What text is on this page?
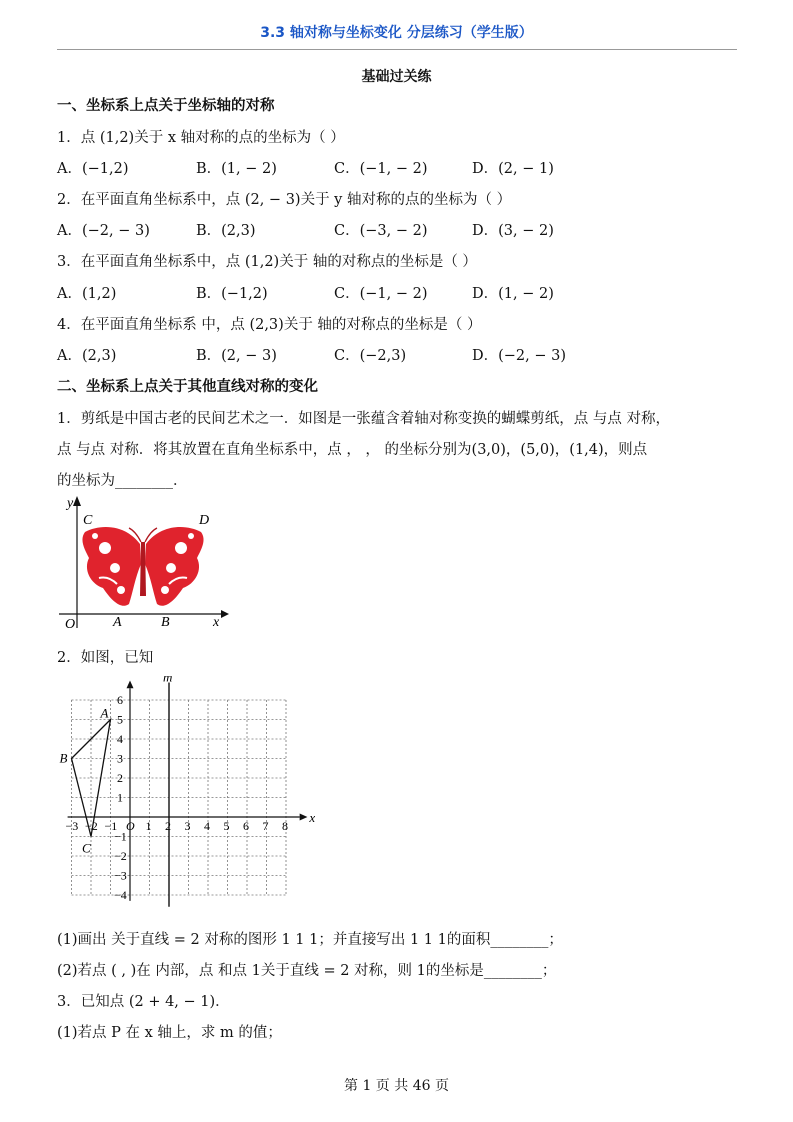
3.3 轴对称与坐标变化 分层练习（学生版）
基础过关练
一、坐标系上点关于坐标轴的对称
1．点 (1,2)关于 x 轴对称的点的坐标为（ ）
A．(−1,2)	B．(1, − 2)	C．(−1, − 2)	D．(2, − 1)
2．在平面直角坐标系中，点 (2, − 3)关于 y 轴对称的点的坐标为（ ）
A．(−2, − 3)	B．(2,3)	C．(−3, − 2)	D．(3, − 2)
3．在平面直角坐标系中，点 (1,2)关于 轴的对称点的坐标是（ ）
A．(1,2)	B．(−1,2)	C．(−1, − 2)	D．(1, − 2)
4．在平面直角坐标系 中，点 (2,3)关于 轴的对称点的坐标是（ ）
A．(2,3)	B．(2, − 3)	C．(−2,3)	D．(−2, − 3)
二、坐标系上点关于其他直线对称的变化
1．剪纸是中国古老的民间艺术之一．如图是一张蕴含着轴对称变换的蝴蝶剪纸，点 与点 对称，
点 与点 对称．将其放置在直角坐标系中，点 ， ， 的坐标分别为(3,0)，(5,0)，(1,4)，则点
的坐标为________．
y
x
O	A	B
C	D
2．如图，已知
−3 −2 −1 O 1 2 3 4 5 6 7 8
6
5
4
3
2
1
−1
−2
−3
−4
A
B
C
m
x
(1)画出 关于直线 = 2 对称的图形 1 1 1；并直接写出 1 1 1的面积________；
(2)若点 ( , )在 内部，点 和点 1关于直线 = 2 对称，则 1的坐标是________；
3．已知点 (2 + 4, − 1)．
(1)若点 P 在 x 轴上，求 m 的值；
第 1 页 共 46 页
